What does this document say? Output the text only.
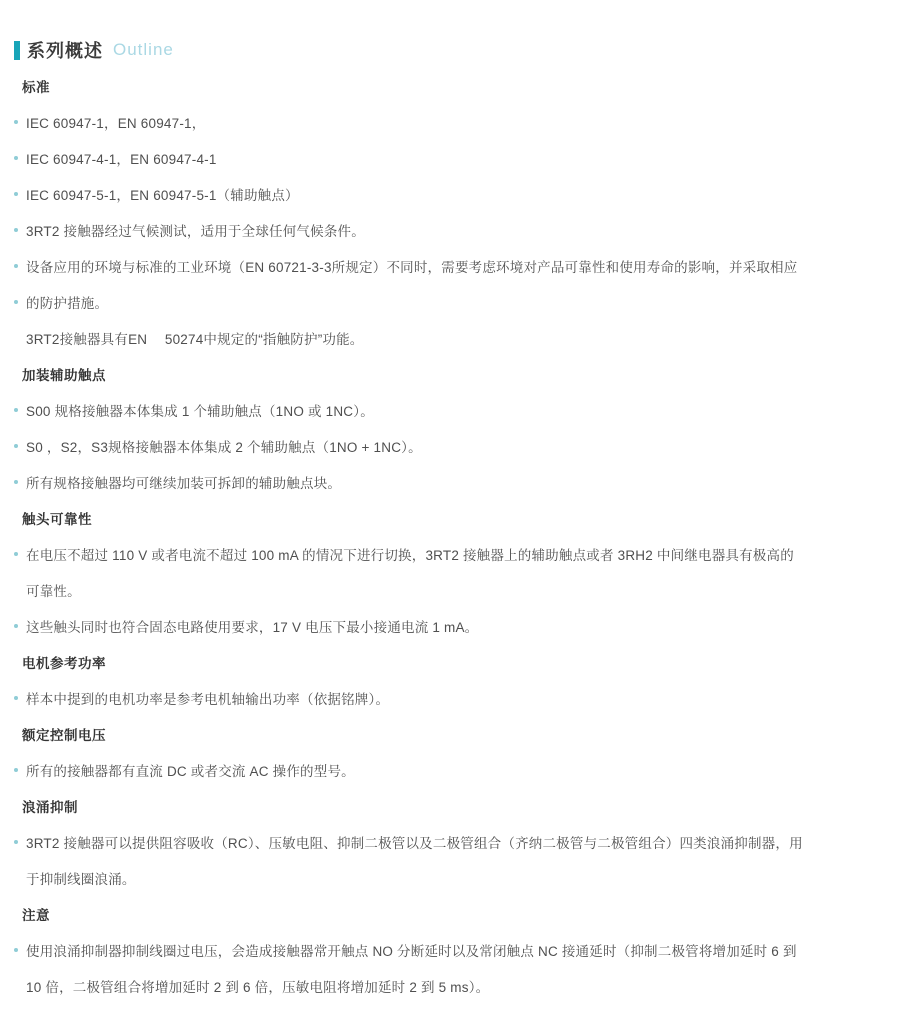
系列概述 Outline
标准
IEC 60947-1，EN 60947-1，
IEC 60947-4-1，EN 60947-4-1
IEC 60947-5-1，EN 60947-5-1（辅助触点）
3RT2 接触器经过气候测试，适用于全球任何气候条件。
设备应用的环境与标准的工业环境（EN 60721-3-3所规定）不同时，需要考虑环境对产品可靠性和使用寿命的影响，并采取相应
的防护措施。
3RT2接触器具有EN　 50274中规定的“指触防护”功能。
加装辅助触点
S00 规格接触器本体集成 1 个辅助触点（1NO 或 1NC）。
S0 ，S2，S3规格接触器本体集成 2 个辅助触点（1NO + 1NC）。
所有规格接触器均可继续加装可拆卸的辅助触点块。
触头可靠性
在电压不超过 110 V 或者电流不超过 100 mA 的情况下进行切换，3RT2 接触器上的辅助触点或者 3RH2 中间继电器具有极高的
可靠性。
这些触头同时也符合固态电路使用要求，17 V 电压下最小接通电流 1 mA。
电机参考功率
样本中提到的电机功率是参考电机轴输出功率（依据铭牌）。
额定控制电压
所有的接触器都有直流 DC 或者交流 AC 操作的型号。
浪涌抑制
3RT2 接触器可以提供阻容吸收（RC）、压敏电阻、抑制二极管以及二极管组合（齐纳二极管与二极管组合）四类浪涌抑制器，用
于抑制线圈浪涌。
注意
使用浪涌抑制器抑制线圈过电压，会造成接触器常开触点 NO 分断延时以及常闭触点 NC 接通延时（抑制二极管将增加延时 6 到
10 倍，二极管组合将增加延时 2 到 6 倍，压敏电阻将增加延时 2 到 5 ms）。
